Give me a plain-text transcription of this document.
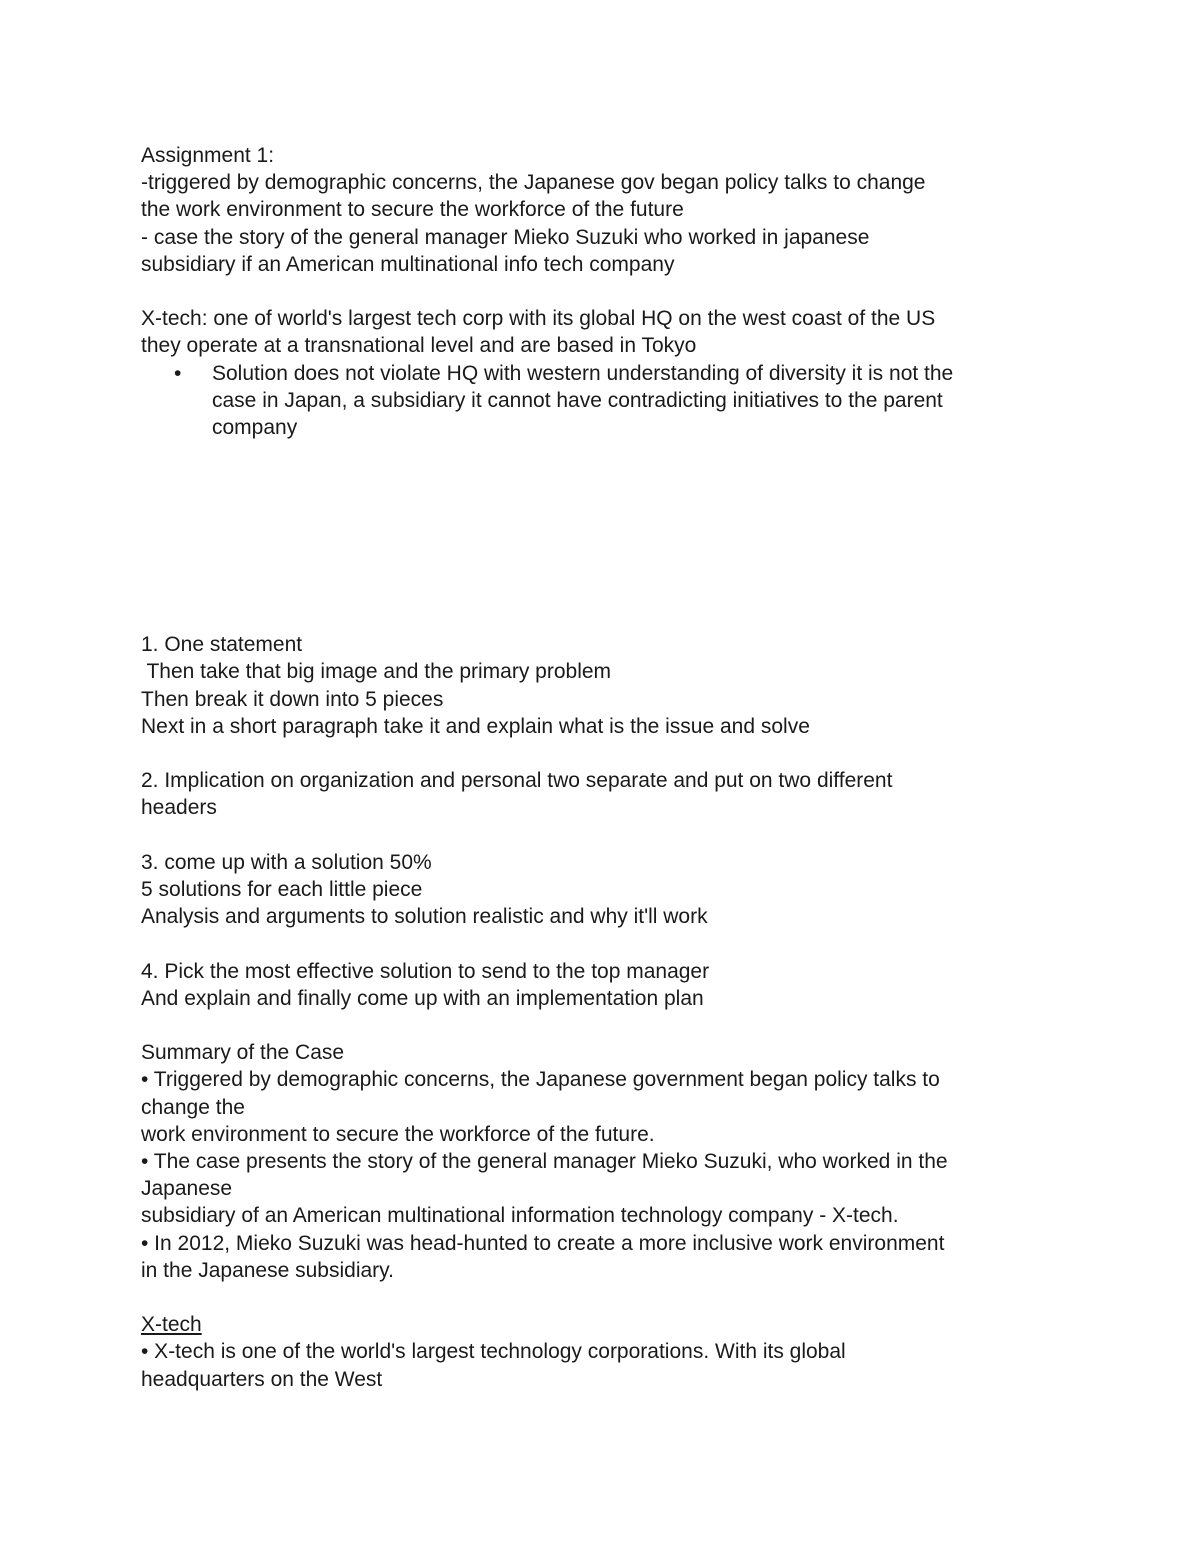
Assignment 1:
-triggered by demographic concerns, the Japanese gov began policy talks to change
the work environment to secure the workforce of the future
- case the story of the general manager Mieko Suzuki who worked in japanese
subsidiary if an American multinational info tech company
X-tech: one of world's largest tech corp with its global HQ on the west coast of the US
they operate at a transnational level and are based in Tokyo
• Solution does not violate HQ with western understanding of diversity it is not the
case in Japan, a subsidiary it cannot have contradicting initiatives to the parent
company
1. One statement
Then take that big image and the primary problem
Then break it down into 5 pieces
Next in a short paragraph take it and explain what is the issue and solve
2. Implication on organization and personal two separate and put on two different
headers
3. come up with a solution 50%
5 solutions for each little piece
Analysis and arguments to solution realistic and why it'll work
4. Pick the most effective solution to send to the top manager
And explain and finally come up with an implementation plan
Summary of the Case
• Triggered by demographic concerns, the Japanese government began policy talks to
change the
work environment to secure the workforce of the future.
• The case presents the story of the general manager Mieko Suzuki, who worked in the
Japanese
subsidiary of an American multinational information technology company - X-tech.
• In 2012, Mieko Suzuki was head-hunted to create a more inclusive work environment
in the Japanese subsidiary.
X-tech
• X-tech is one of the world's largest technology corporations. With its global
headquarters on the West
